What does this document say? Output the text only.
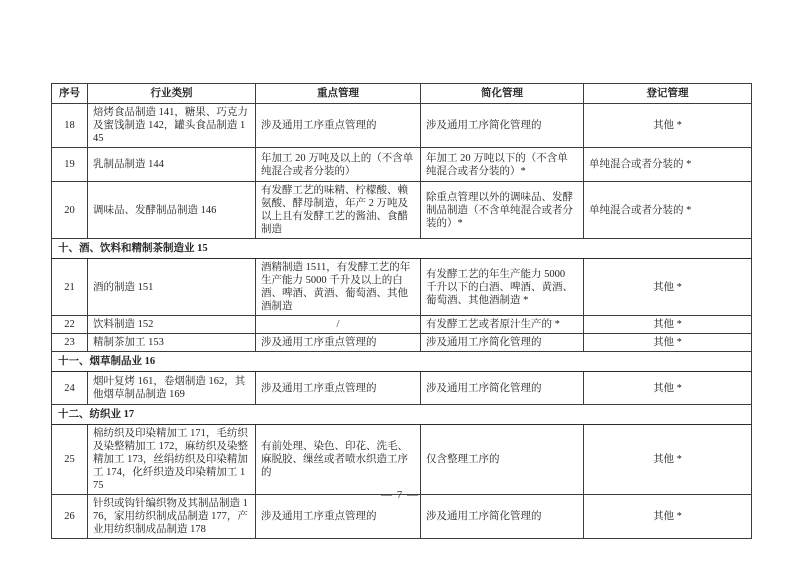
序号	行业类别	重点管理	简化管理	登记管理
18	焙烤食品制造 141，糖果、巧克力及蜜饯制造 142，罐头食品制造 145	涉及通用工序重点管理的	涉及通用工序简化管理的	其他 *
19	乳制品制造 144	年加工 20 万吨及以上的（不含单纯混合或者分装的）	年加工 20 万吨以下的（不含单纯混合或者分装的）*	单纯混合或者分装的 *
20	调味品、发酵制品制造 146	有发酵工艺的味精、柠檬酸、赖氨酸、酵母制造，年产 2 万吨及以上且有发酵工艺的酱油、食醋制造	除重点管理以外的调味品、发酵制品制造（不含单纯混合或者分装的）*	单纯混合或者分装的 *
十、酒、饮料和精制茶制造业 15				
21	酒的制造 151	酒精制造 1511，有发酵工艺的年生产能力 5000 千升及以上的白酒、啤酒、黄酒、葡萄酒、其他酒制造	有发酵工艺的年生产能力 5000 千升以下的白酒、啤酒、黄酒、葡萄酒、其他酒制造 *	其他 *
22	饮料制造 152	/	有发酵工艺或者原汁生产的 *	其他 *
23	精制茶加工 153	涉及通用工序重点管理的	涉及通用工序简化管理的	其他 *
十一、烟草制品业 16				
24	烟叶复烤 161，卷烟制造 162，其他烟草制品制造 169	涉及通用工序重点管理的	涉及通用工序简化管理的	其他 *
十二、纺织业 17				
25	棉纺织及印染精加工 171，毛纺织及染整精加工 172，麻纺织及染整精加工 173，丝绢纺织及印染精加工 174，化纤织造及印染精加工 175	有前处理、染色、印花、洗毛、麻脱胶、缫丝或者喷水织造工序的	仅含整理工序的	其他 *
26	针织或钩针编织物及其制品制造 176，家用纺织制成品制造 177，产业用纺织制成品制造 178	涉及通用工序重点管理的	涉及通用工序简化管理的	其他 *
— 7 —
